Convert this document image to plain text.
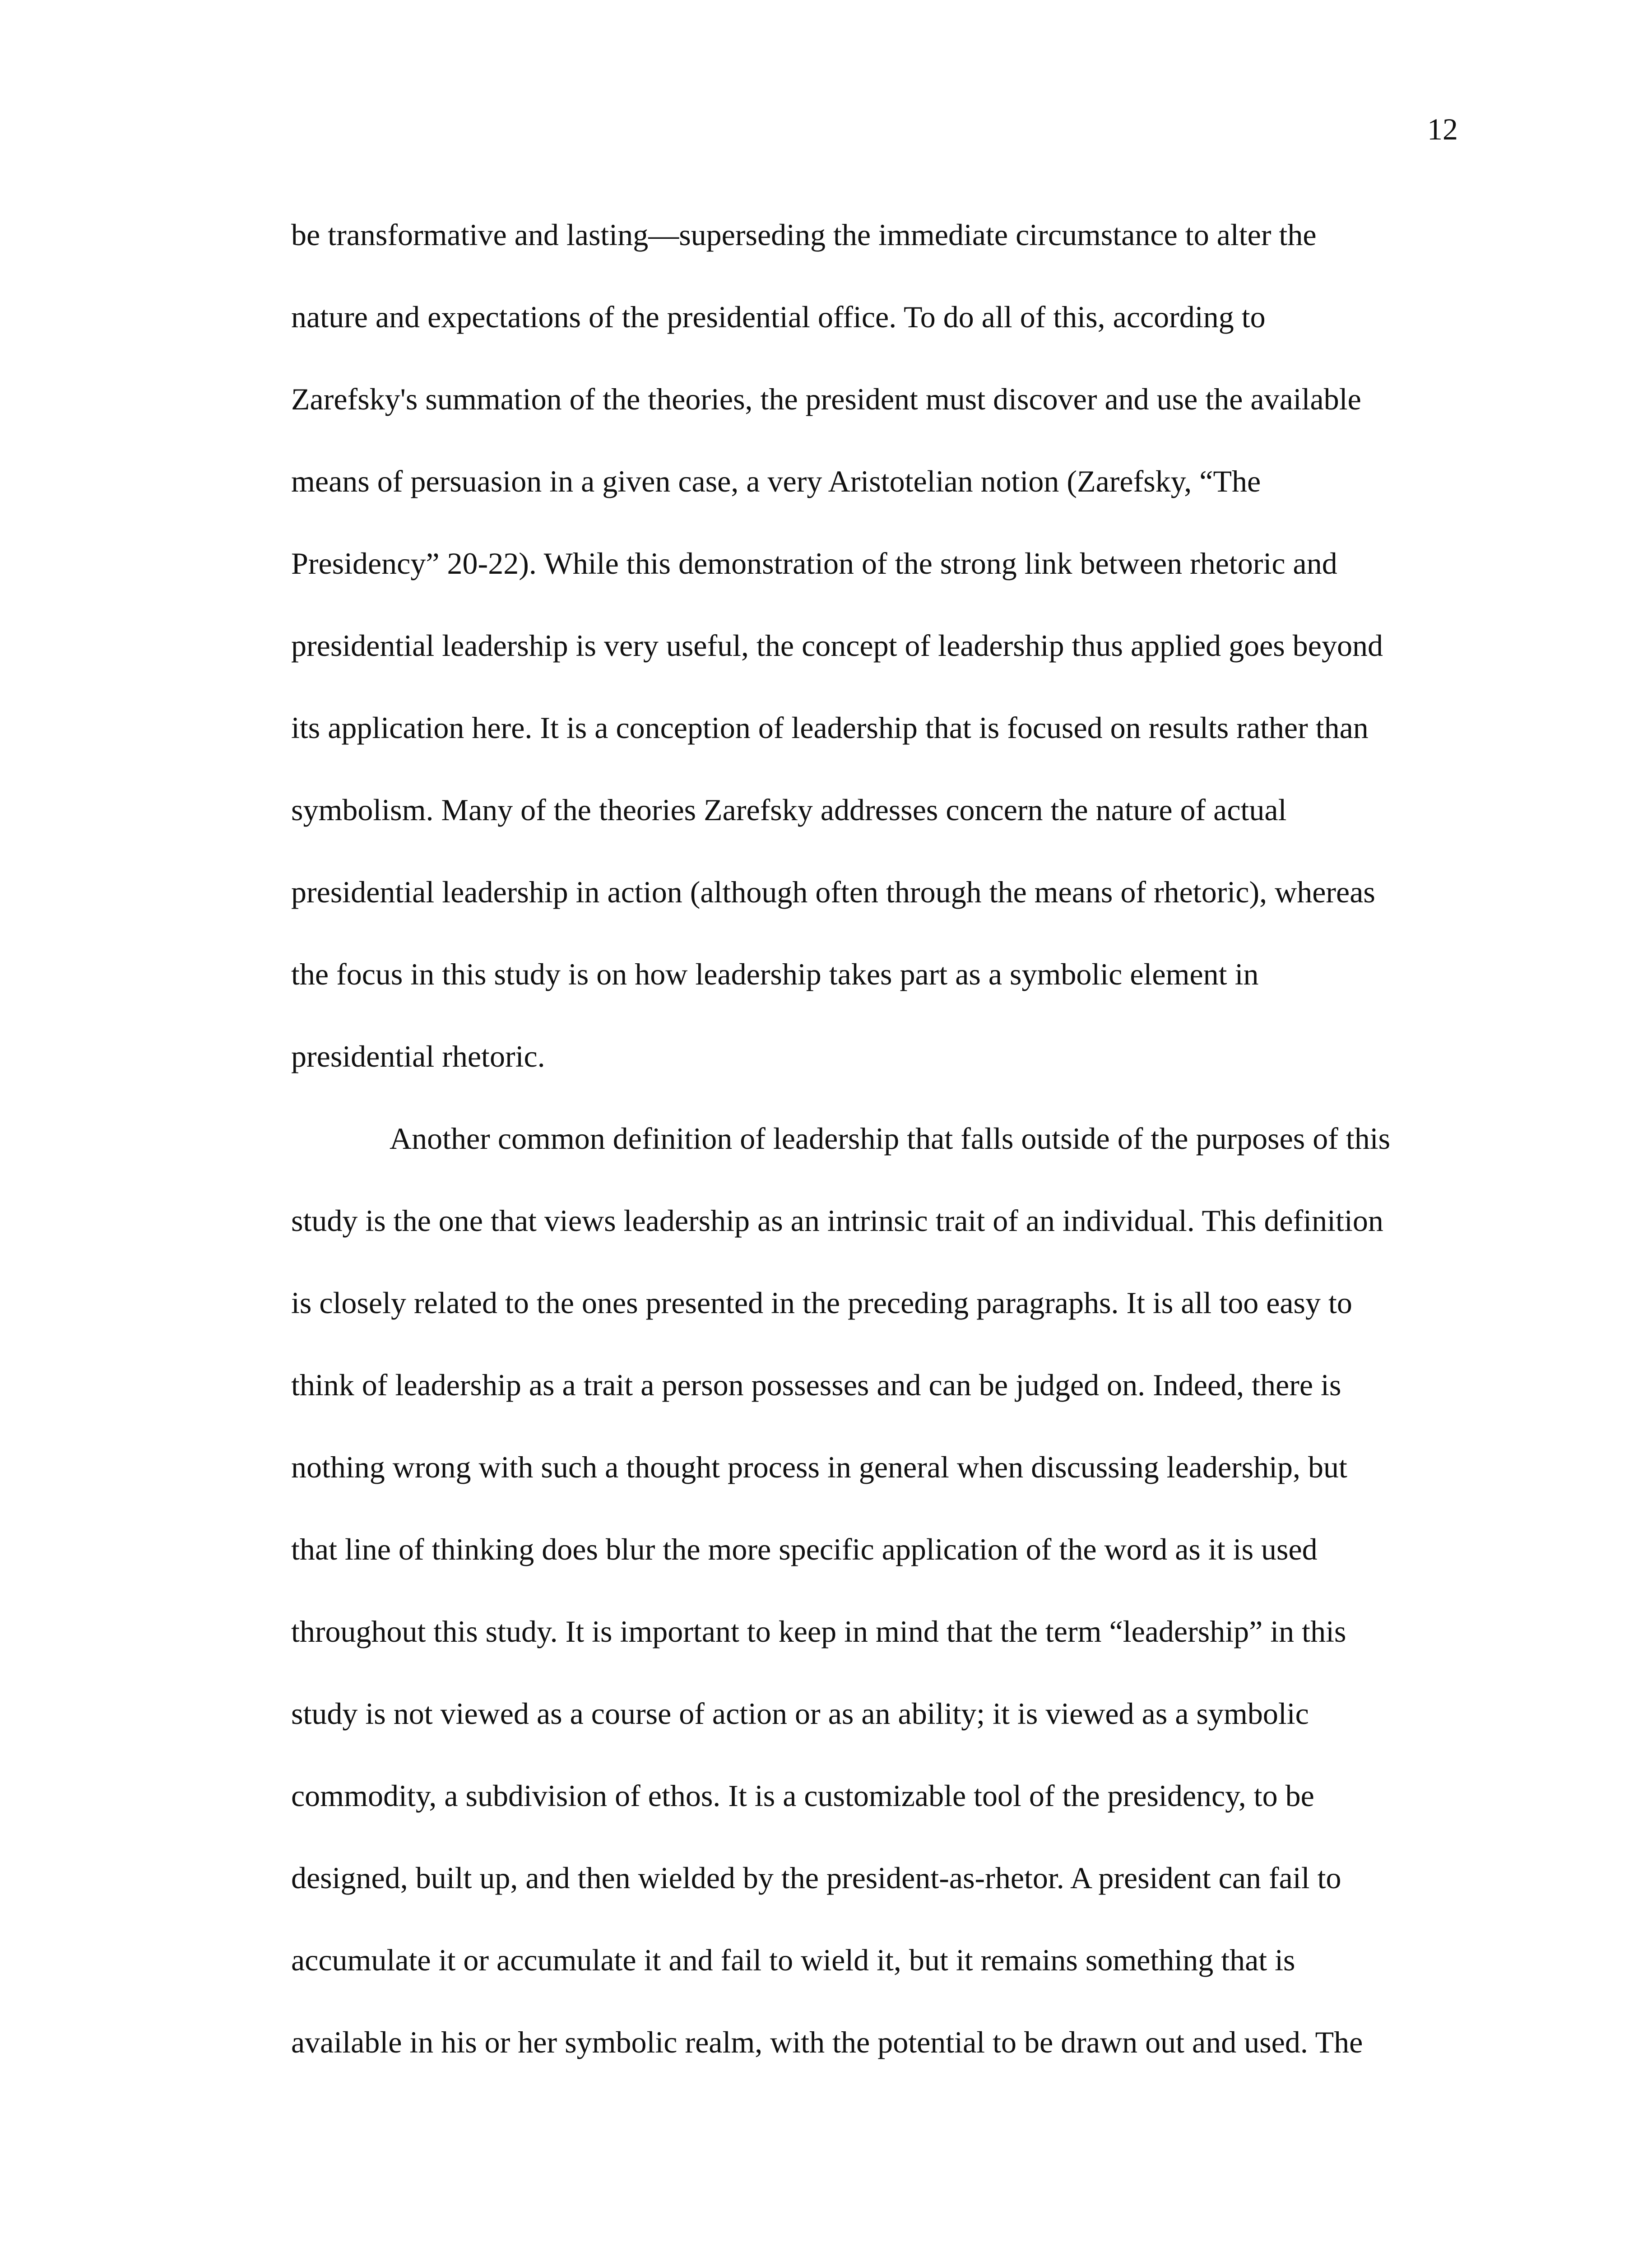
12
be transformative and lasting—superseding the immediate circumstance to alter the
nature and expectations of the presidential office. To do all of this, according to
Zarefsky's summation of the theories, the president must discover and use the available
means of persuasion in a given case, a very Aristotelian notion (Zarefsky, “The
Presidency” 20-22). While this demonstration of the strong link between rhetoric and
presidential leadership is very useful, the concept of leadership thus applied goes beyond
its application here. It is a conception of leadership that is focused on results rather than
symbolism. Many of the theories Zarefsky addresses concern the nature of actual
presidential leadership in action (although often through the means of rhetoric), whereas
the focus in this study is on how leadership takes part as a symbolic element in
presidential rhetoric.
Another common definition of leadership that falls outside of the purposes of this
study is the one that views leadership as an intrinsic trait of an individual. This definition
is closely related to the ones presented in the preceding paragraphs. It is all too easy to
think of leadership as a trait a person possesses and can be judged on. Indeed, there is
nothing wrong with such a thought process in general when discussing leadership, but
that line of thinking does blur the more specific application of the word as it is used
throughout this study. It is important to keep in mind that the term “leadership” in this
study is not viewed as a course of action or as an ability; it is viewed as a symbolic
commodity, a subdivision of ethos. It is a customizable tool of the presidency, to be
designed, built up, and then wielded by the president-as-rhetor. A president can fail to
accumulate it or accumulate it and fail to wield it, but it remains something that is
available in his or her symbolic realm, with the potential to be drawn out and used. The
